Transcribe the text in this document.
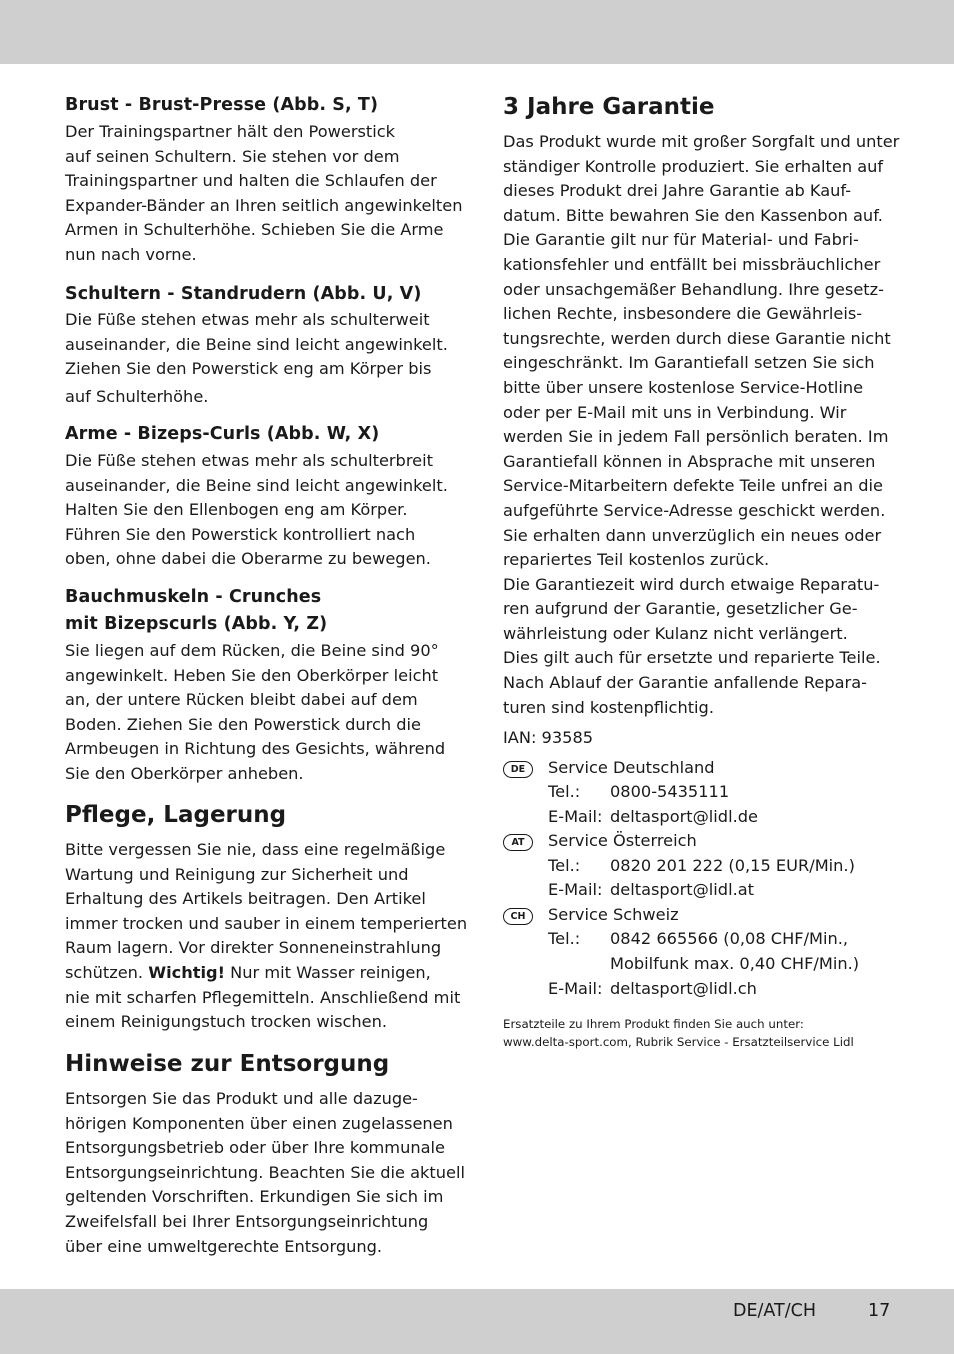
Brust - Brust-Presse (Abb. S, T)
Der Trainingspartner hält den Powerstick
auf seinen Schultern. Sie stehen vor dem
Trainingspartner und halten die Schlaufen der
Expander-Bänder an Ihren seitlich angewinkelten
Armen in Schulterhöhe. Schieben Sie die Arme
nun nach vorne.
Schultern - Standrudern (Abb. U, V)
Die Füße stehen etwas mehr als schulterweit
auseinander, die Beine sind leicht angewinkelt.
Ziehen Sie den Powerstick eng am Körper bis
auf Schulterhöhe.
Arme - Bizeps-Curls (Abb. W, X)
Die Füße stehen etwas mehr als schulterbreit
auseinander, die Beine sind leicht angewinkelt.
Halten Sie den Ellenbogen eng am Körper.
Führen Sie den Powerstick kontrolliert nach
oben, ohne dabei die Oberarme zu bewegen.
Bauchmuskeln - Crunches
mit Bizepscurls (Abb. Y, Z)
Sie liegen auf dem Rücken, die Beine sind 90°
angewinkelt. Heben Sie den Oberkörper leicht
an, der untere Rücken bleibt dabei auf dem
Boden. Ziehen Sie den Powerstick durch die
Armbeugen in Richtung des Gesichts, während
Sie den Oberkörper anheben.
Pflege, Lagerung
Bitte vergessen Sie nie, dass eine regelmäßige
Wartung und Reinigung zur Sicherheit und
Erhaltung des Artikels beitragen. Den Artikel
immer trocken und sauber in einem temperierten
Raum lagern. Vor direkter Sonneneinstrahlung
schützen. Wichtig! Nur mit Wasser reinigen,
nie mit scharfen Pflegemitteln. Anschließend mit
einem Reinigungstuch trocken wischen.
Hinweise zur Entsorgung
Entsorgen Sie das Produkt und alle dazuge-
hörigen Komponenten über einen zugelassenen
Entsorgungsbetrieb oder über Ihre kommunale
Entsorgungseinrichtung. Beachten Sie die aktuell
geltenden Vorschriften. Erkundigen Sie sich im
Zweifelsfall bei Ihrer Entsorgungseinrichtung
über eine umweltgerechte Entsorgung.
3 Jahre Garantie
Das Produkt wurde mit großer Sorgfalt und unter
ständiger Kontrolle produziert. Sie erhalten auf
dieses Produkt drei Jahre Garantie ab Kauf-
datum. Bitte bewahren Sie den Kassenbon auf.
Die Garantie gilt nur für Material- und Fabri-
kationsfehler und entfällt bei missbräuchlicher
oder unsachgemäßer Behandlung. Ihre gesetz-
lichen Rechte, insbesondere die Gewährleis-
tungsrechte, werden durch diese Garantie nicht
eingeschränkt. Im Garantiefall setzen Sie sich
bitte über unsere kostenlose Service-Hotline
oder per E-Mail mit uns in Verbindung. Wir
werden Sie in jedem Fall persönlich beraten. Im
Garantiefall können in Absprache mit unseren
Service-Mitarbeitern defekte Teile unfrei an die
aufgeführte Service-Adresse geschickt werden.
Sie erhalten dann unverzüglich ein neues oder
repariertes Teil kostenlos zurück.
Die Garantiezeit wird durch etwaige Reparatu-
ren aufgrund der Garantie, gesetzlicher Ge-
währleistung oder Kulanz nicht verlängert.
Dies gilt auch für ersetzte und reparierte Teile.
Nach Ablauf der Garantie anfallende Repara-
turen sind kostenpflichtig.
IAN: 93585
DE	Service Deutschland
Tel.: 0800-5435111
E-Mail: deltasport@lidl.de
AT	Service Österreich
Tel.: 0820 201 222 (0,15 EUR/Min.)
E-Mail: deltasport@lidl.at
CH	Service Schweiz
Tel.: 0842 665566 (0,08 CHF/Min.,
Mobilfunk max. 0,40 CHF/Min.)
E-Mail: deltasport@lidl.ch
Ersatzteile zu Ihrem Produkt finden Sie auch unter:
www.delta-sport.com, Rubrik Service - Ersatzteilservice Lidl
DE/AT/CH	17
